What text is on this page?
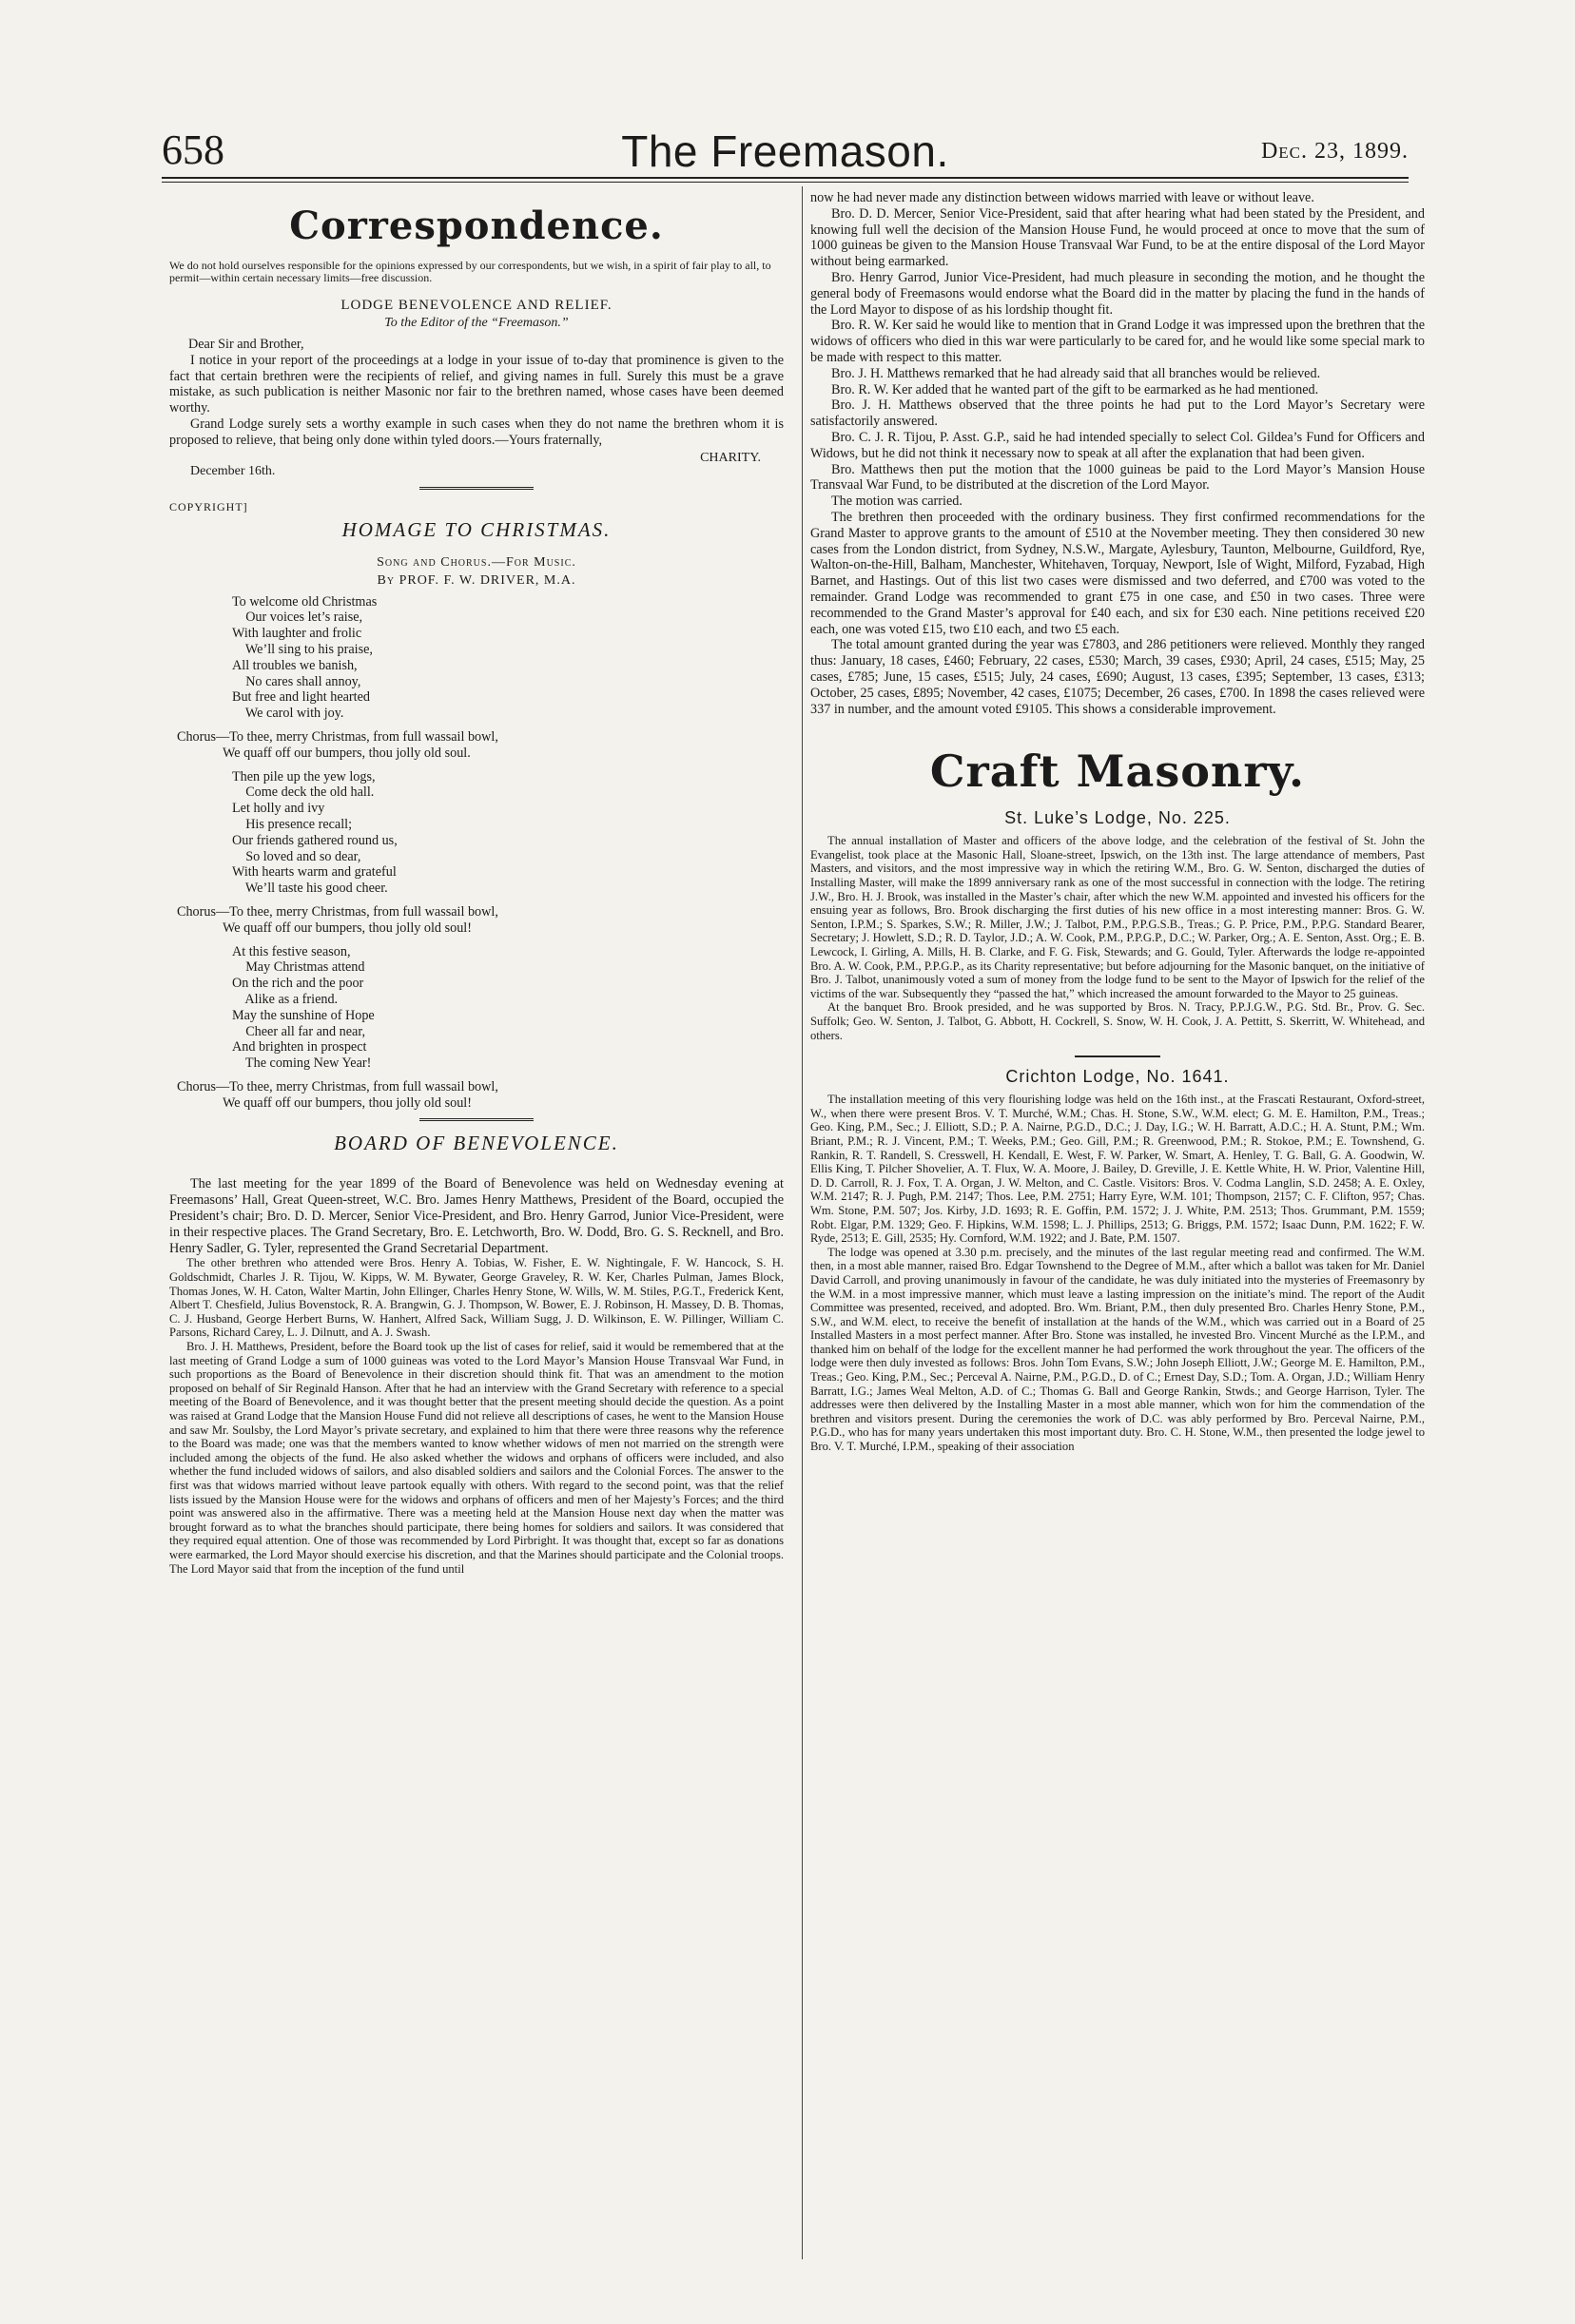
658	The Freemason.	Dec. 23, 1899.
Correspondence.
We do not hold ourselves responsible for the opinions expressed by our correspondents, but we wish, in a spirit of fair play to all, to permit—within certain necessary limits—free discussion.
LODGE BENEVOLENCE AND RELIEF.
To the Editor of the “Freemason.”
Dear Sir and Brother,

I notice in your report of the proceedings at a lodge in your issue of to-day that prominence is given to the fact that certain brethren were the recipients of relief, and giving names in full. Surely this must be a grave mistake, as such publication is neither Masonic nor fair to the brethren named, whose cases have been deemed worthy.

Grand Lodge surely sets a worthy example in such cases when they do not name the brethren whom it is proposed to relieve, that being only done within tyled doors.—Yours fraternally,

December 16th.
CHARITY.
COPYRIGHT]
HOMAGE TO CHRISTMAS.
Song and Chorus.—For Music.
By PROF. F. W. DRIVER, M.A.
To welcome old Christmas
Our voices let’s raise,
With laughter and frolic
We’ll sing to his praise,
All troubles we banish,
No cares shall annoy,
But free and light hearted
We carol with joy.
Chorus—To thee, merry Christmas, from full wassail bowl,
We quaff off our bumpers, thou jolly old soul.
Then pile up the yew logs,
Come deck the old hall.
Let holly and ivy
His presence recall;
Our friends gathered round us,
So loved and so dear,
With hearts warm and grateful
We’ll taste his good cheer.
Chorus—To thee, merry Christmas, from full wassail bowl,
We quaff off our bumpers, thou jolly old soul!
At this festive season,
May Christmas attend
On the rich and the poor
Alike as a friend.
May the sunshine of Hope
Cheer all far and near,
And brighten in prospect
The coming New Year!
Chorus—To thee, merry Christmas, from full wassail bowl,
We quaff off our bumpers, thou jolly old soul!
BOARD OF BENEVOLENCE.

The last meeting for the year 1899 of the Board of Benevolence was held on Wednesday evening at Freemasons’ Hall, Great Queen-street, W.C. Bro. James Henry Matthews, President of the Board, occupied the President’s chair; Bro. D. D. Mercer, Senior Vice-President, and Bro. Henry Garrod, Junior Vice-President, were in their respective places. The Grand Secretary, Bro. E. Letchworth, Bro. W. Dodd, Bro. G. S. Recknell, and Bro. Henry Sadler, G. Tyler, represented the Grand Secretarial Department.

The other brethren who attended were Bros. Henry A. Tobias, W. Fisher, E. W. Nightingale, F. W. Hancock, S. H. Goldschmidt, Charles J. R. Tijou, W. Kipps, W. M. Bywater, George Graveley, R. W. Ker, Charles Pulman, James Block, Thomas Jones, W. H. Caton, Walter Martin, John Ellinger, Charles Henry Stone, W. Wills, W. M. Stiles, P.G.T., Frederick Kent, Albert T. Chesfield, Julius Bovenstock, R. A. Brangwin, G. J. Thompson, W. Bower, E. J. Robinson, H. Massey, D. B. Thomas, C. J. Husband, George Herbert Burns, W. Hanhert, Alfred Sack, William Sugg, J. D. Wilkinson, E. W. Pillinger, William C. Parsons, Richard Carey, L. J. Dilnutt, and A. J. Swash.

Bro. J. H. Matthews, President, before the Board took up the list of cases for relief, said it would be remembered that at the last meeting of Grand Lodge a sum of 1000 guineas was voted to the Lord Mayor’s Mansion House Transvaal War Fund, in such proportions as the Board of Benevolence in their discretion should think fit. That was an amendment to the motion proposed on behalf of Sir Reginald Hanson. After that he had an interview with the Grand Secretary with reference to a special meeting of the Board of Benevolence, and it was thought better that the present meeting should decide the question. As a point was raised at Grand Lodge that the Mansion House Fund did not relieve all descriptions of cases, he went to the Mansion House and saw Mr. Soulsby, the Lord Mayor’s private secretary, and explained to him that there were three reasons why the reference to the Board was made; one was that the members wanted to know whether widows of men not married on the strength were included among the objects of the fund. He also asked whether the widows and orphans of officers were included, and also whether the fund included widows of sailors, and also disabled soldiers and sailors and the Colonial Forces. The answer to the first was that widows married without leave partook equally with others. With regard to the second point, was that the relief lists issued by the Mansion House were for the widows and orphans of officers and men of her Majesty’s Forces; and the third point was answered also in the affirmative. There was a meeting held at the Mansion House next day when the matter was brought forward as to what the branches should participate, there being homes for soldiers and sailors. It was considered that they required equal attention. One of those was recommended by Lord Pirbright. It was thought that, except so far as donations were earmarked, the Lord Mayor should exercise his discretion, and that the Marines should participate and the Colonial troops. The Lord Mayor said that from the inception of the fund until

now he had never made any distinction between widows married with leave or without leave.

Bro. D. D. Mercer, Senior Vice-President, said that after hearing what had been stated by the President, and knowing full well the decision of the Mansion House Fund, he would proceed at once to move that the sum of 1000 guineas be given to the Mansion House Transvaal War Fund, to be at the entire disposal of the Lord Mayor without being earmarked.

Bro. Henry Garrod, Junior Vice-President, had much pleasure in seconding the motion, and he thought the general body of Freemasons would endorse what the Board did in the matter by placing the fund in the hands of the Lord Mayor to dispose of as his lordship thought fit.

Bro. R. W. Ker said he would like to mention that in Grand Lodge it was impressed upon the brethren that the widows of officers who died in this war were particularly to be cared for, and he would like some special mark to be made with respect to this matter.

Bro. J. H. Matthews remarked that he had already said that all branches would be relieved.

Bro. R. W. Ker added that he wanted part of the gift to be earmarked as he had mentioned.

Bro. J. H. Matthews observed that the three points he had put to the Lord Mayor’s Secretary were satisfactorily answered.

Bro. C. J. R. Tijou, P. Asst. G.P., said he had intended specially to select Col. Gildea’s Fund for Officers and Widows, but he did not think it necessary now to speak at all after the explanation that had been given.

Bro. Matthews then put the motion that the 1000 guineas be paid to the Lord Mayor’s Mansion House Transvaal War Fund, to be distributed at the discretion of the Lord Mayor.

The motion was carried.

The brethren then proceeded with the ordinary business. They first confirmed recommendations for the Grand Master to approve grants to the amount of £510 at the November meeting. They then considered 30 new cases from the London district, from Sydney, N.S.W., Margate, Aylesbury, Taunton, Melbourne, Guildford, Rye, Walton-on-the-Hill, Balham, Manchester, Whitehaven, Torquay, Newport, Isle of Wight, Milford, Fyzabad, High Barnet, and Hastings. Out of this list two cases were dismissed and two deferred, and £700 was voted to the remainder. Grand Lodge was recommended to grant £75 in one case, and £50 in two cases. Three were recommended to the Grand Master’s approval for £40 each, and six for £30 each. Nine petitions received £20 each, one was voted £15, two £10 each, and two £5 each.

The total amount granted during the year was £7803, and 286 petitioners were relieved. Monthly they ranged thus: January, 18 cases, £460; February, 22 cases, £530; March, 39 cases, £930; April, 24 cases, £515; May, 25 cases, £785; June, 15 cases, £515; July, 24 cases, £690; August, 13 cases, £395; September, 13 cases, £313; October, 25 cases, £895; November, 42 cases, £1075; December, 26 cases, £700. In 1898 the cases relieved were 337 in number, and the amount voted £9105. This shows a considerable improvement.

Craft Masonry.
St. Luke’s Lodge, No. 225.

The annual installation of Master and officers of the above lodge, and the celebration of the festival of St. John the Evangelist, took place at the Masonic Hall, Sloane-street, Ipswich, on the 13th inst. The large attendance of members, Past Masters, and visitors, and the most impressive way in which the retiring W.M., Bro. G. W. Senton, discharged the duties of Installing Master, will make the 1899 anniversary rank as one of the most successful in connection with the lodge. The retiring J.W., Bro. H. J. Brook, was installed in the Master’s chair, after which the new W.M. appointed and invested his officers for the ensuing year as follows, Bro. Brook discharging the first duties of his new office in a most interesting manner: Bros. G. W. Senton, I.P.M.; S. Sparkes, S.W.; R. Miller, J.W.; J. Talbot, P.M., P.P.G.S.B., Treas.; G. P. Price, P.M., P.P.G. Standard Bearer, Secretary; J. Howlett, S.D.; R. D. Taylor, J.D.; A. W. Cook, P.M., P.P.G.P., D.C.; W. Parker, Org.; A. E. Senton, Asst. Org.; E. B. Lewcock, I. Girling, A. Mills, H. B. Clarke, and F. G. Fisk, Stewards; and G. Gould, Tyler. Afterwards the lodge re-appointed Bro. A. W. Cook, P.M., P.P.G.P., as its Charity representative; but before adjourning for the Masonic banquet, on the initiative of Bro. J. Talbot, unanimously voted a sum of money from the lodge fund to be sent to the Mayor of Ipswich for the relief of the victims of the war. Subsequently they “passed the hat,” which increased the amount forwarded to the Mayor to 25 guineas.

At the banquet Bro. Brook presided, and he was supported by Bros. N. Tracy, P.P.J.G.W., P.G. Std. Br., Prov. G. Sec. Suffolk; Geo. W. Senton, J. Talbot, G. Abbott, H. Cockrell, S. Snow, W. H. Cook, J. A. Pettitt, S. Skerritt, W. Whitehead, and others.

Crichton Lodge, No. 1641.

The installation meeting of this very flourishing lodge was held on the 16th inst., at the Frascati Restaurant, Oxford-street, W., when there were present Bros. V. T. Murché, W.M.; Chas. H. Stone, S.W., W.M. elect; G. M. E. Hamilton, P.M., Treas.; Geo. King, P.M., Sec.; J. Elliott, S.D.; P. A. Nairne, P.G.D., D.C.; J. Day, I.G.; W. H. Barratt, A.D.C.; H. A. Stunt, P.M.; Wm. Briant, P.M.; R. J. Vincent, P.M.; T. Weeks, P.M.; Geo. Gill, P.M.; R. Greenwood, P.M.; R. Stokoe, P.M.; E. Townshend, G. Rankin, R. T. Randell, S. Cresswell, H. Kendall, E. West, F. W. Parker, W. Smart, A. Henley, T. G. Ball, G. A. Goodwin, W. Ellis King, T. Pilcher Shovelier, A. T. Flux, W. A. Moore, J. Bailey, D. Greville, J. E. Kettle White, H. W. Prior, Valentine Hill, D. D. Carroll, R. J. Fox, T. A. Organ, J. W. Melton, and C. Castle. Visitors: Bros. V. Codma Langlin, S.D. 2458; A. E. Oxley, W.M. 2147; R. J. Pugh, P.M. 2147; Thos. Lee, P.M. 2751; Harry Eyre, W.M. 101; Thompson, 2157; C. F. Clifton, 957; Chas. Wm. Stone, P.M. 507; Jos. Kirby, J.D. 1693; R. E. Goffin, P.M. 1572; J. J. White, P.M. 2513; Thos. Grummant, P.M. 1559; Robt. Elgar, P.M. 1329; Geo. F. Hipkins, W.M. 1598; L. J. Phillips, 2513; G. Briggs, P.M. 1572; Isaac Dunn, P.M. 1622; F. W. Ryde, 2513; E. Gill, 2535; Hy. Cornford, W.M. 1922; and J. Bate, P.M. 1507.

The lodge was opened at 3.30 p.m. precisely, and the minutes of the last regular meeting read and confirmed. The W.M. then, in a most able manner, raised Bro. Edgar Townshend to the Degree of M.M., after which a ballot was taken for Mr. Daniel David Carroll, and proving unanimously in favour of the candidate, he was duly initiated into the mysteries of Freemasonry by the W.M. in a most impressive manner, which must leave a lasting impression on the initiate’s mind. The report of the Audit Committee was presented, received, and adopted. Bro. Wm. Briant, P.M., then duly presented Bro. Charles Henry Stone, P.M., S.W., and W.M. elect, to receive the benefit of installation at the hands of the W.M., which was carried out in a Board of 25 Installed Masters in a most perfect manner. After Bro. Stone was installed, he invested Bro. Vincent Murché as the I.P.M., and thanked him on behalf of the lodge for the excellent manner he had performed the work throughout the year. The officers of the lodge were then duly invested as follows: Bros. John Tom Evans, S.W.; John Joseph Elliott, J.W.; George M. E. Hamilton, P.M., Treas.; Geo. King, P.M., Sec.; Perceval A. Nairne, P.M., P.G.D., D. of C.; Ernest Day, S.D.; Tom. A. Organ, J.D.; William Henry Barratt, I.G.; James Weal Melton, A.D. of C.; Thomas G. Ball and George Rankin, Stwds.; and George Harrison, Tyler. The addresses were then delivered by the Installing Master in a most able manner, which won for him the commendation of the brethren and visitors present. During the ceremonies the work of D.C. was ably performed by Bro. Perceval Nairne, P.M., P.G.D., who has for many years undertaken this most important duty. Bro. C. H. Stone, W.M., then presented the lodge jewel to Bro. V. T. Murché, I.P.M., speaking of their association
